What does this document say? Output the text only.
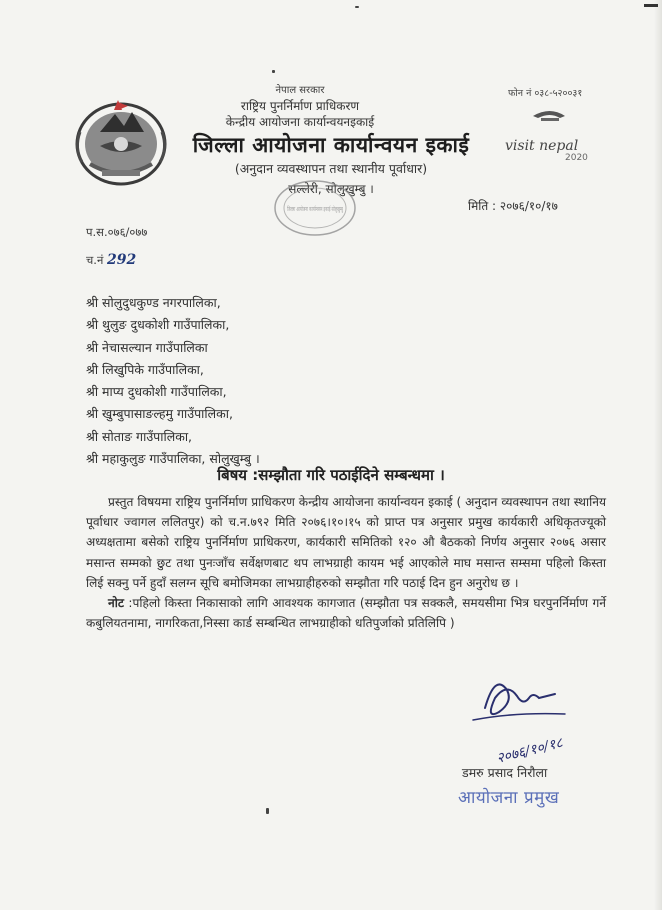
नेपाल सरकार
राष्ट्रिय पुनर्निर्माण प्राधिकरण
केन्द्रीय आयोजना कार्यान्वयनइकाई
जिल्ला आयोजना कार्यान्वयन इकाई
(अनुदान व्यवस्थापन तथा स्थानीय पूर्वाधार)
सल्लेरी, सोलुखुम्बु ।
फोन नं ०३८-५२००३१
visit nepal
2020
जिल्ला आयोजना कार्यान्वयन इकाई सोलुखुम्बु	मिति : २०७६/१०/१७
प.स.०७६/०७७
च.नं 292
श्री सोलुदुधकुण्ड नगरपालिका,
श्री थुलुङ दुधकोशी गाउँपालिका,
श्री नेचासल्यान गाउँपालिका
श्री लिखुपिके गाउँपालिका,
श्री माप्य दुधकोशी गाउँपालिका,
श्री खुम्बुपासाङल्हमु गाउँपालिका,
श्री सोताङ गाउँपालिका,
श्री महाकुलुङ गाउँपालिका, सोलुखुम्बु ।
बिषय :सम्झौता गरि पठाईदिने सम्बन्धमा ।

प्रस्तुत विषयमा राष्ट्रिय पुनर्निर्माण प्राधिकरण केन्द्रीय आयोजना कार्यान्वयन इकाई ( अनुदान व्यवस्थापन तथा स्थानिय पूर्वाधार ज्वागल ललितपुर) को च.न.७९२ मिति २०७६।१०।१५ को प्राप्त पत्र अनुसार प्रमुख कार्यकारी अधिकृतज्यूको अध्यक्षतामा बसेको राष्ट्रिय पुनर्निर्माण प्राधिकरण, कार्यकारी समितिको १२० औ बैठकको निर्णय अनुसार २०७६ असार मसान्त सम्मको छुट तथा पुनःजाँच सर्वेक्षणबाट थप लाभग्राही कायम भई आएकोले माघ मसान्त सम्समा पहिलो किस्ता लिई सक्नु पर्ने हुदाँ सलग्न सूचि बमोजिमका लाभग्राहीहरुको सम्झौता गरि पठाई दिन हुन अनुरोध छ ।

नोट :पहिलो किस्ता निकासाको लागि आवश्यक कागजात (सम्झौता पत्र सक्कलै, समयसीमा भित्र घरपुनर्निर्माण गर्ने कबुलियतनामा, नागरिकता,निस्सा कार्ड सम्बन्धित लाभग्राहीको धतिपुर्जाको प्रतिलिपि )

२०७६/१०/१८
डमरु प्रसाद निरौला
आयोजना प्रमुख
